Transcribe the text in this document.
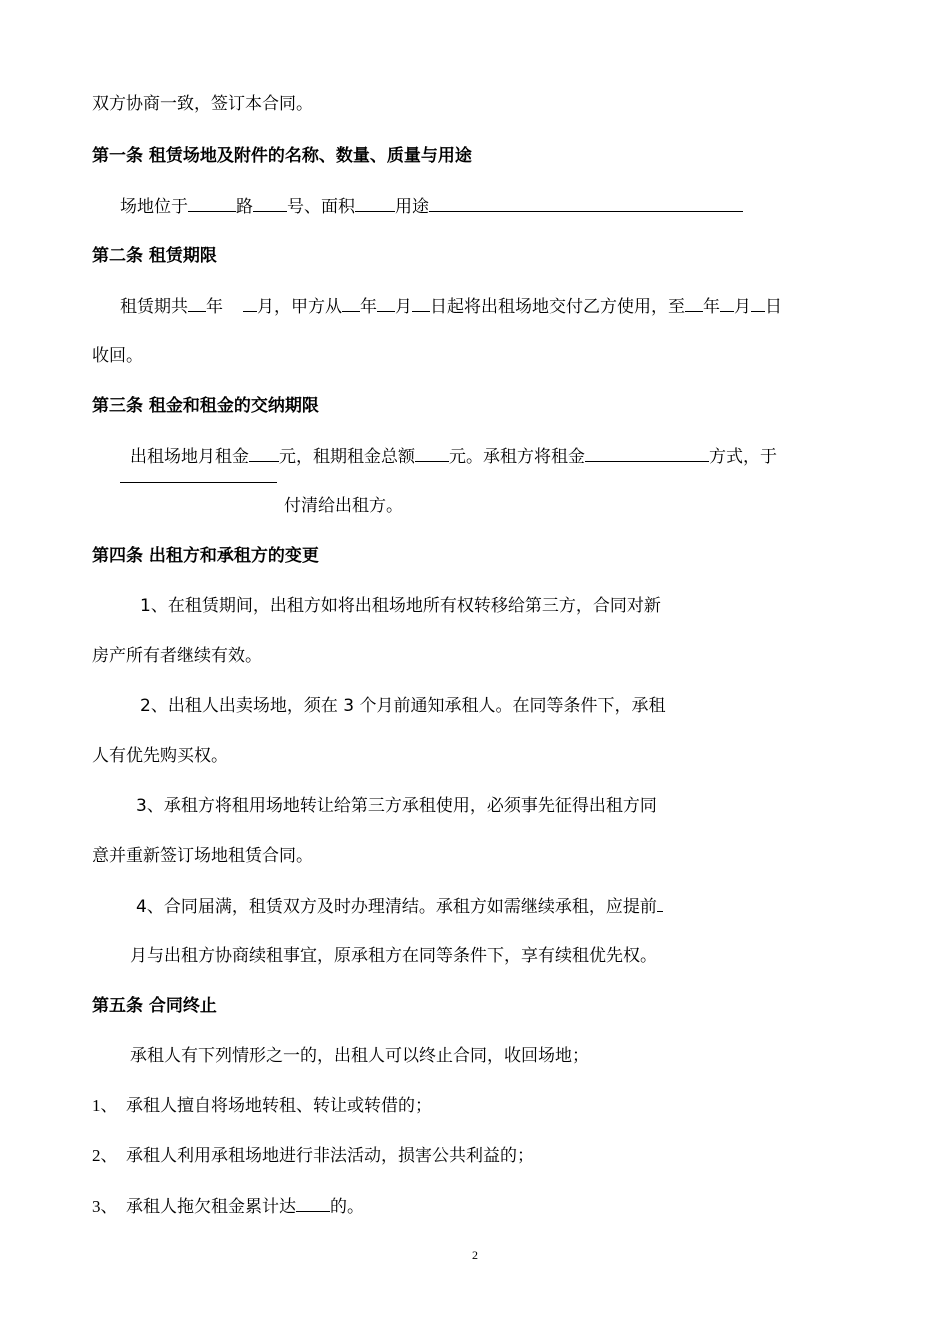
双方协商一致，签订本合同。
第一条 租赁场地及附件的名称、数量、质量与用途
场地位于	路 号、面积 用途
第二条 租赁期限
租赁期共 年 月，甲方从 年 月 日起将出租场地交付乙方使用，至 年 月 日
收回。
第三条 租金和租金的交纳期限
出租场地月租金 元，租期租金总额 元。承租方将租金	方式，于
付清给出租方。
第四条 出租方和承租方的变更
1、在租赁期间，出租方如将出租场地所有权转移给第三方，合同对新
房产所有者继续有效。
2、出租人出卖场地，须在 3 个月前通知承租人。在同等条件下，承租
人有优先购买权。
3、承租方将租用场地转让给第三方承租使用，必须事先征得出租方同
意并重新签订场地租赁合同。
4、合同届满，租赁双方及时办理清结。承租方如需继续承租，应提前
月与出租方协商续租事宜，原承租方在同等条件下，享有续租优先权。
第五条 合同终止
承租人有下列情形之一的，出租人可以终止合同，收回场地；
1、 承租人擅自将场地转租、转让或转借的；
2、 承租人利用承租场地进行非法活动，损害公共利益的；
3、 承租人拖欠租金累计达 的。
2
